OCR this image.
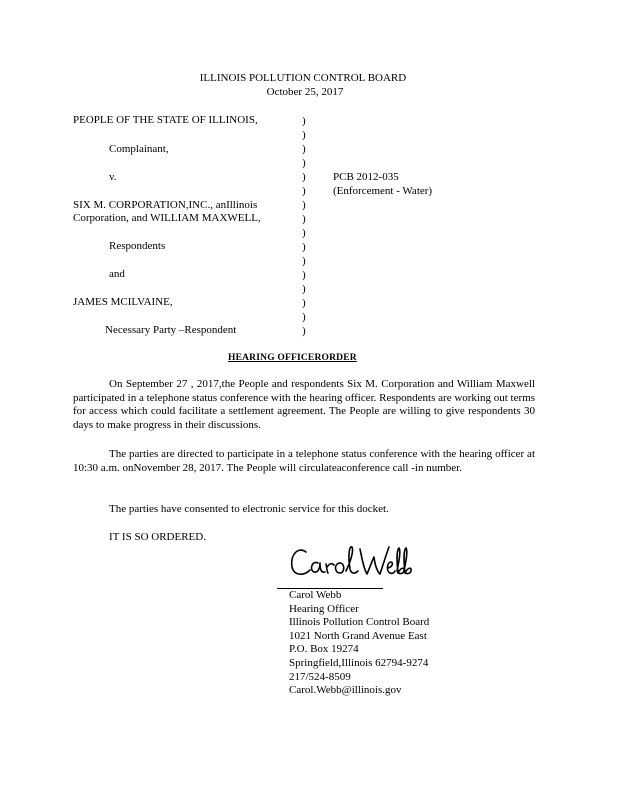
ILLINOIS POLLUTION CONTROL BOARD
October 25, 2017
PEOPLE OF THE STATE OF ILLINOIS,
Complainant,
v.
SIX M. CORPORATION,INC., anIllinois
Corporation, and WILLIAM MAXWELL,
Respondents
and
JAMES MCILVAINE,
Necessary Party –Respondent
)
)
)
)
)
)
)
)
)
)
)
)
)
)
)
)
PCB 2012-035
(Enforcement - Water)
HEARING OFFICERORDER
On September 27 , 2017,the People and respondents Six M. Corporation and William Maxwell participated in a telephone status conference with the hearing officer. Respondents are working out terms for access which could facilitate a settlement agreement. The People are willing to give respondents 30 days to make progress in their discussions.
The parties are directed to participate in a telephone status conference with the hearing officer at 10:30 a.m. onNovember 28, 2017. The People will circulateaconference call -in number.
The parties have consented to electronic service for this docket.
IT IS SO ORDERED.
Carol Webb
Hearing Officer
Illinois Pollution Control Board
1021 North Grand Avenue East
P.O. Box 19274
Springfield,Illinois 62794-9274
217/524-8509
Carol.Webb@illinois.gov
